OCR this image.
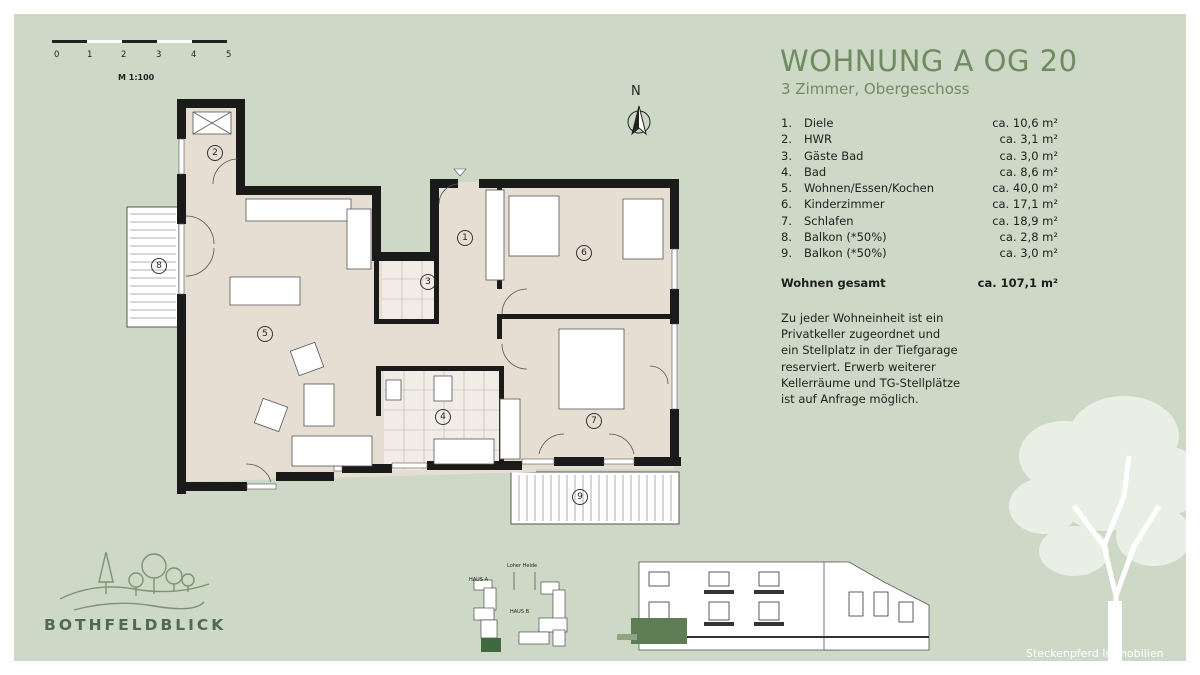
0	1	2	3	4	5
M 1:100
N
2
1
3
6
5
8
4	7
9
WOHNUNG A OG 20
3 Zimmer, Obergeschoss
1.	Diele	ca. 10,6 m²
2.	HWR	ca. 3,1 m²
3.	Gäste Bad	ca. 3,0 m²
4.	Bad	ca. 8,6 m²
5.	Wohnen/Essen/Kochen	ca. 40,0 m²
6.	Kinderzimmer	ca. 17,1 m²
7.	Schlafen	ca. 18,9 m²
8.	Balkon (*50%)	ca. 2,8 m²
9.	Balkon (*50%)	ca. 3,0 m²
Wohnen gesamt	ca. 107,1 m²
Zu jeder Wohneinheit ist ein
Privatkeller zugeordnet und
ein Stellplatz in der Tiefgarage
reserviert. Erwerb weiterer
Kellerräume und TG-Stellplätze
ist auf Anfrage möglich.
Loher Heide
HAUS A
HAUS B
BOTHFELDBLICK
Steckenpferd Immobilien
